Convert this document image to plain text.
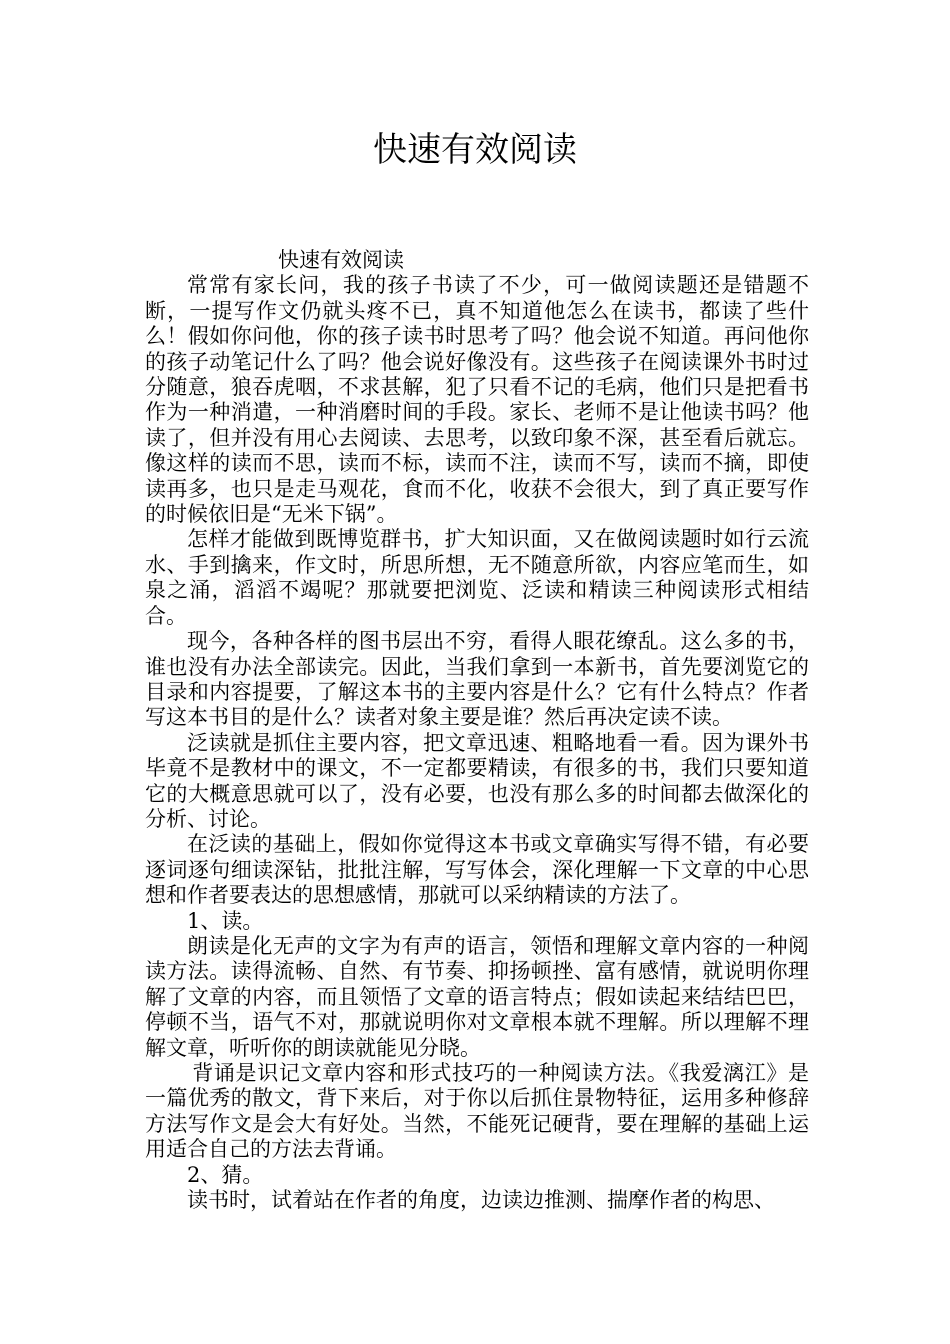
快速有效阅读

快速有效阅读

常常有家长问，我的孩子书读了不少，可一做阅读题还是错题不断，一提写作文仍就头疼不已，真不知道他怎么在读书，都读了些什么！假如你问他，你的孩子读书时思考了吗？他会说不知道。再问他你的孩子动笔记什么了吗？他会说好像没有。这些孩子在阅读课外书时过分随意，狼吞虎咽，不求甚解，犯了只看不记的毛病，他们只是把看书作为一种消遣，一种消磨时间的手段。家长、老师不是让他读书吗？他读了，但并没有用心去阅读、去思考，以致印象不深，甚至看后就忘。像这样的读而不思，读而不标，读而不注，读而不写，读而不摘，即使读再多，也只是走马观花，食而不化，收获不会很大，到了真正要写作的时候依旧是“无米下锅”。

怎样才能做到既博览群书，扩大知识面，又在做阅读题时如行云流水、手到擒来，作文时，所思所想，无不随意所欲，内容应笔而生，如泉之涌，滔滔不竭呢？那就要把浏览、泛读和精读三种阅读形式相结合。

现今，各种各样的图书层出不穷，看得人眼花缭乱。这么多的书，谁也没有办法全部读完。因此，当我们拿到一本新书，首先要浏览它的目录和内容提要，了解这本书的主要内容是什么？它有什么特点？作者写这本书目的是什么？读者对象主要是谁？然后再决定读不读。

泛读就是抓住主要内容，把文章迅速、粗略地看一看。因为课外书毕竟不是教材中的课文，不一定都要精读，有很多的书，我们只要知道它的大概意思就可以了，没有必要，也没有那么多的时间都去做深化的分析、讨论。

在泛读的基础上，假如你觉得这本书或文章确实写得不错，有必要逐词逐句细读深钻，批批注解，写写体会，深化理解一下文章的中心思想和作者要表达的思想感情，那就可以采纳精读的方法了。

1、读。

朗读是化无声的文字为有声的语言，领悟和理解文章内容的一种阅读方法。读得流畅、自然、有节奏、抑扬顿挫、富有感情，就说明你理解了文章的内容，而且领悟了文章的语言特点；假如读起来结结巴巴，停顿不当，语气不对，那就说明你对文章根本就不理解。所以理解不理解文章，听听你的朗读就能见分晓。

背诵是识记文章内容和形式技巧的一种阅读方法。《我爱漓江》是一篇优秀的散文，背下来后，对于你以后抓住景物特征，运用多种修辞方法写作文是会大有好处。当然，不能死记硬背，要在理解的基础上运用适合自己的方法去背诵。

2、猜。

读书时，试着站在作者的角度，边读边推测、揣摩作者的构思、
